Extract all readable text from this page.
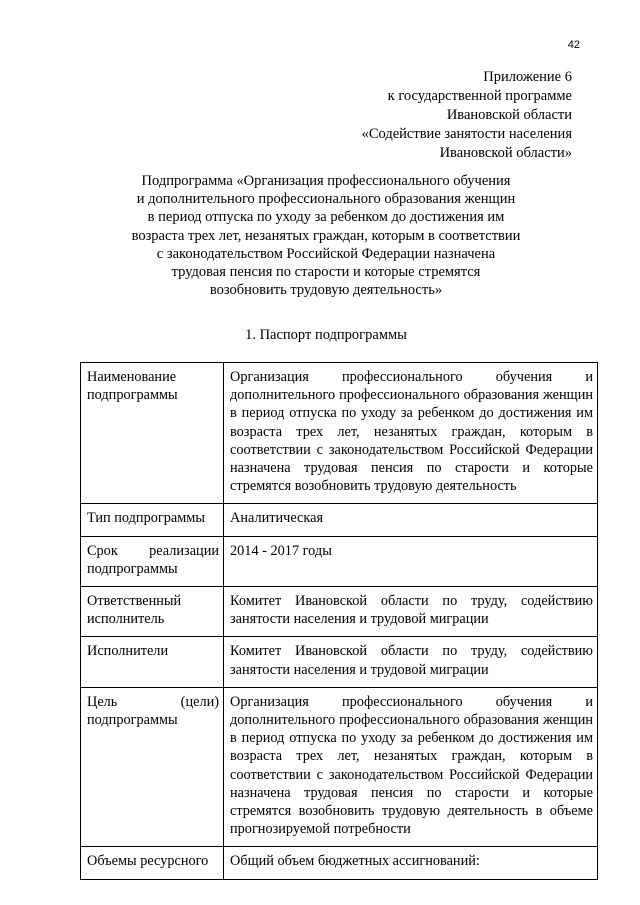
42
Приложение 6
к государственной программе
Ивановской области
«Содействие занятости населения
Ивановской области»
Подпрограмма «Организация профессионального обучения
и дополнительного профессионального образования женщин
в период отпуска по уходу за ребенком до достижения им
возраста трех лет, незанятых граждан, которым в соответствии
с законодательством Российской Федерации назначена
трудовая пенсия по старости и которые стремятся
возобновить трудовую деятельность»
1. Паспорт подпрограммы
Наименование подпрограммы	Организация профессионального обучения и дополнительного профессионального образования женщин в период отпуска по уходу за ребенком до достижения им возраста трех лет, незанятых граждан, которым в соответствии с законодательством Российской Федерации назначена трудовая пенсия по старости и которые стремятся возобновить трудовую деятельность
Тип подпрограммы	Аналитическая
Срок реализации подпрограммы	2014 - 2017 годы
Ответственный исполнитель	Комитет Ивановской области по труду, содействию занятости населения и трудовой миграции
Исполнители	Комитет Ивановской области по труду, содействию занятости населения и трудовой миграции
Цель (цели) подпрограммы	Организация профессионального обучения и дополнительного профессионального образования женщин в период отпуска по уходу за ребенком до достижения им возраста трех лет, незанятых граждан, которым в соответствии с законодательством Российской Федерации назначена трудовая пенсия по старости и которые стремятся возобновить трудовую деятельность в объеме прогнозируемой потребности
Объемы ресурсного	Общий объем бюджетных ассигнований:
